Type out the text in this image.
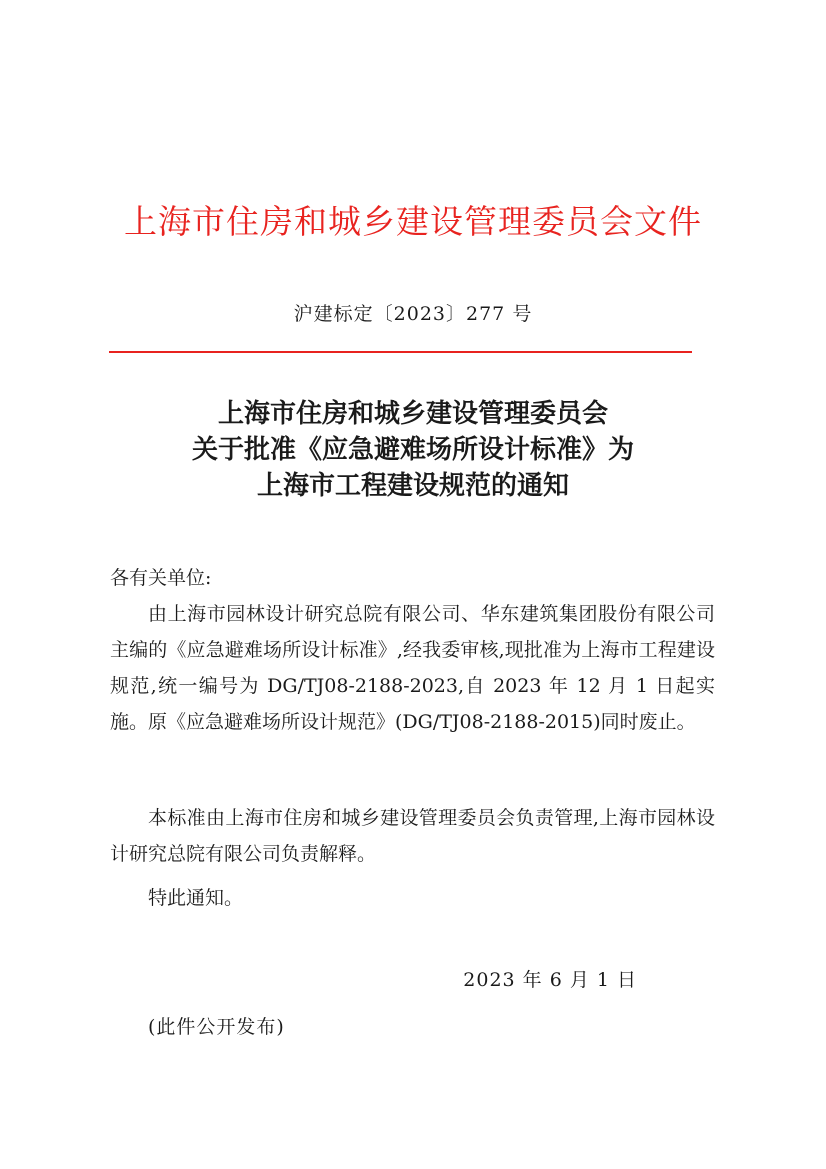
上海市住房和城乡建设管理委员会文件
沪建标定〔2023〕277 号
上海市住房和城乡建设管理委员会
关于批准《应急避难场所设计标准》为
上海市工程建设规范的通知
各有关单位:
由上海市园林设计研究总院有限公司、华东建筑集团股份有限公司主编的《应急避难场所设计标准》,经我委审核,现批准为上海市工程建设规范,统一编号为 DG/TJ08-2188-2023,自 2023 年 12 月 1 日起实施。原《应急避难场所设计规范》(DG/TJ08-2188-2015)同时废止。
本标准由上海市住房和城乡建设管理委员会负责管理,上海市园林设计研究总院有限公司负责解释。
特此通知。
2023 年 6 月 1 日
(此件公开发布)
